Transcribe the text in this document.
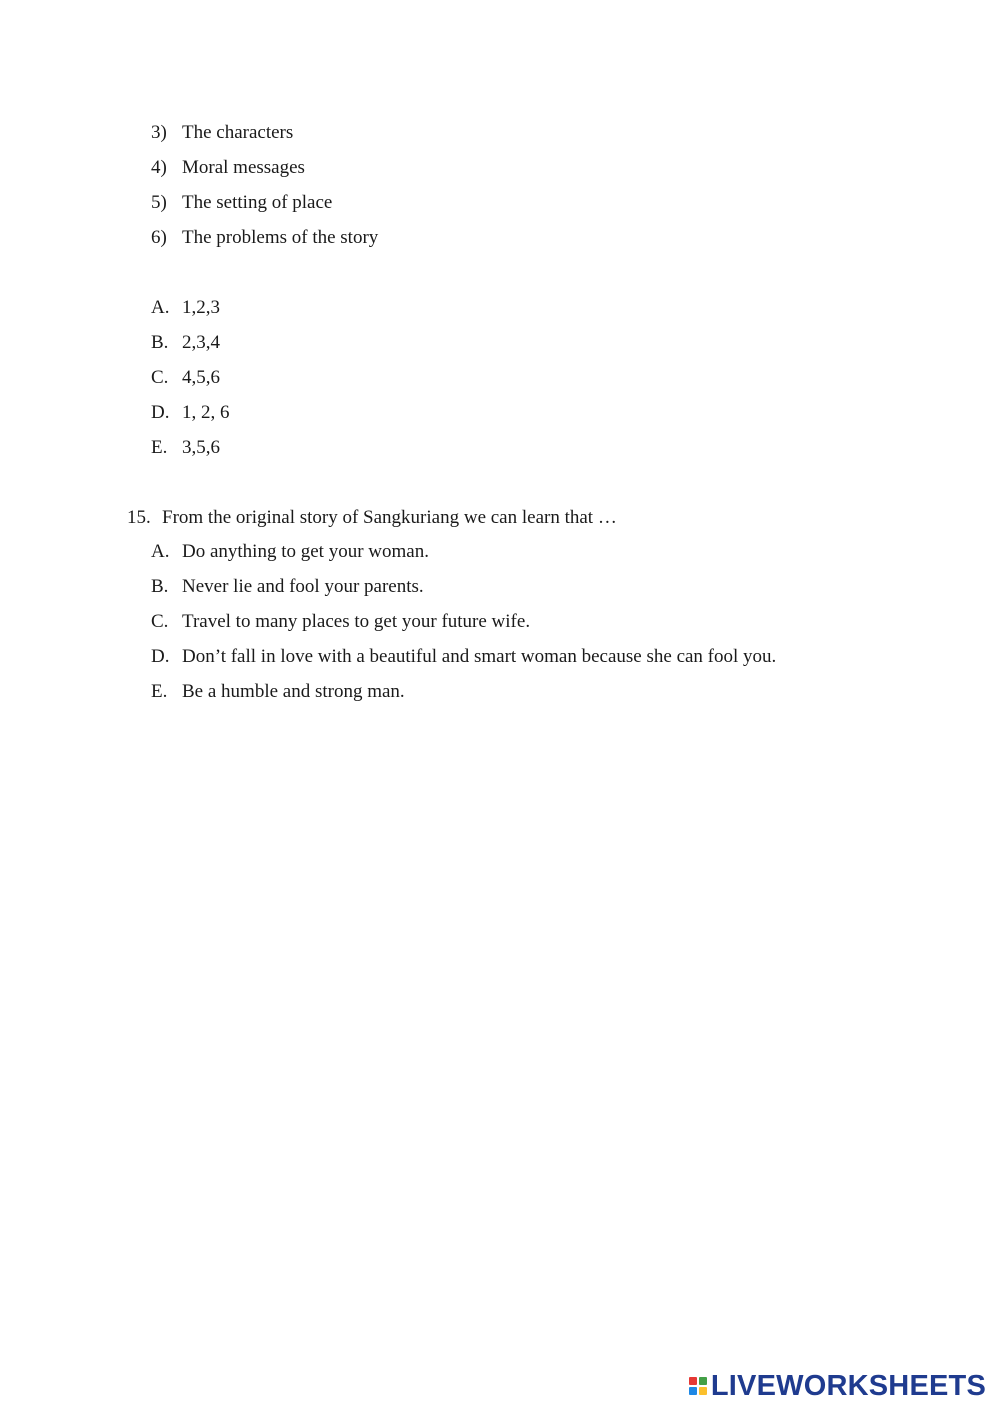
3) The characters
4) Moral messages
5) The setting of place
6) The problems of the story
A. 1,2,3
B. 2,3,4
C. 4,5,6
D. 1, 2, 6
E. 3,5,6
15. From the original story of Sangkuriang we can learn that …
A. Do anything to get your woman.
B. Never lie and fool your parents.
C. Travel to many places to get your future wife.
D. Don’t fall in love with a beautiful and smart woman because she can fool you.
E. Be a humble and strong man.
LIVEWORKSHEETS
